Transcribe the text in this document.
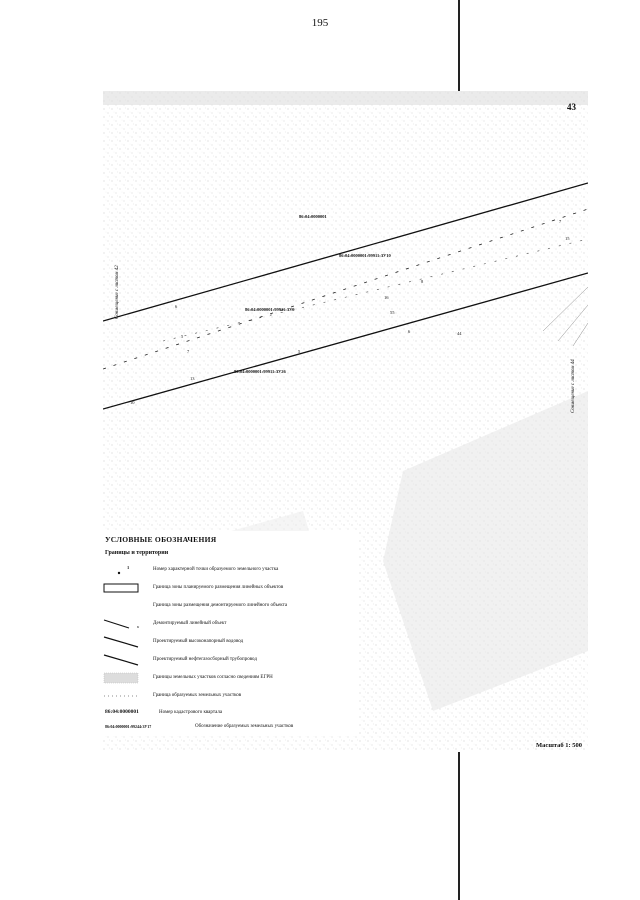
195
43
86:04:0000001
86:04:0000001:99911:ЗУ10
86:04:0000001:99911:ЗУ9
86:04:0000001:99911:ЗУ26
7
15
8
16
55
6	44
6
5
7	5
13
10
Совмещение с листом 42
Совмещение с листом 44
УСЛОВНЫЕ ОБОЗНАЧЕНИЯ
Границы и территории
1	Номер характерной точки образуемого земельного участка
Граница зоны планируемого размещения линейных объектов
Граница зоны размещения демонтируемого линейного объекта
к
Демонтируемый линейный объект
Проектируемый высоконапорный водовод
Проектируемый нефтегазосборный трубопровод
Границы земельных участков согласно сведениям ЕГРН
Граница образуемых земельных участков
86:04:0000001	Номер кадастрового квартала
86:04:0000001:99244:ЗУ17	Обозначение образуемых земельных участков
Масштаб 1: 500
